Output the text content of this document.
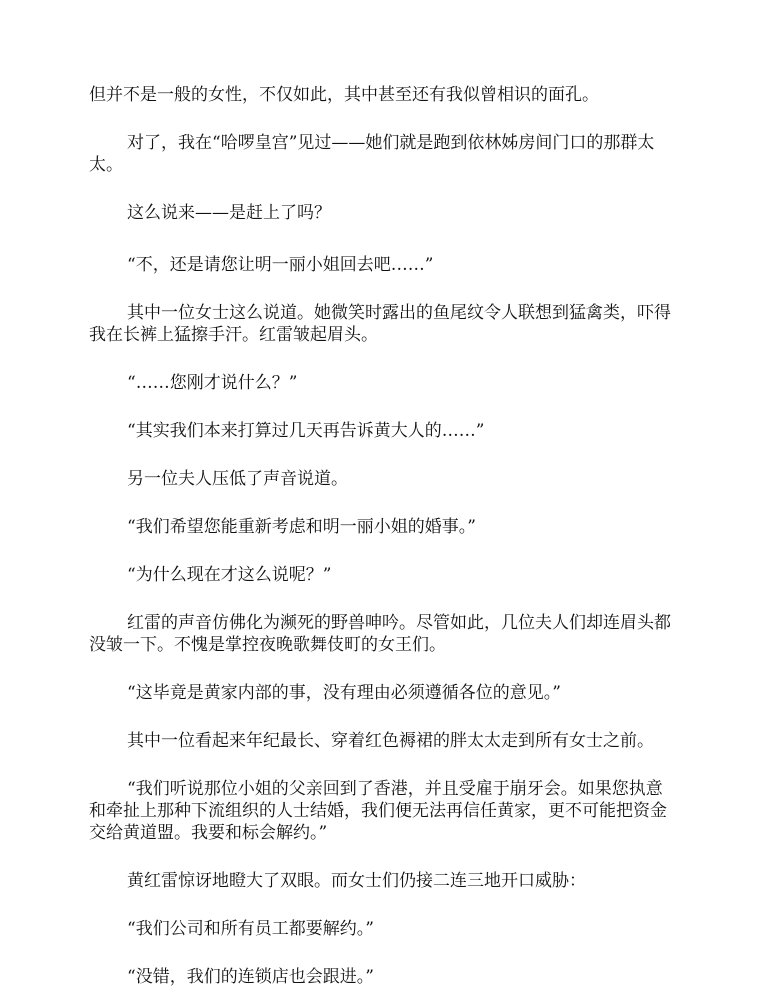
但并不是一般的女性，不仅如此，其中甚至还有我似曾相识的面孔。

对了，我在“哈啰皇宫”见过——她们就是跑到依林姊房间门口的那群太太。

这么说来——是赶上了吗？

“不，还是请您让明一丽小姐回去吧……”

其中一位女士这么说道。她微笑时露出的鱼尾纹令人联想到猛禽类，吓得我在长裤上猛擦手汗。红雷皱起眉头。

“……您刚才说什么？”

“其实我们本来打算过几天再告诉黄大人的……”

另一位夫人压低了声音说道。

“我们希望您能重新考虑和明一丽小姐的婚事。”

“为什么现在才这么说呢？”

红雷的声音仿佛化为濒死的野兽呻吟。尽管如此，几位夫人们却连眉头都没皱一下。不愧是掌控夜晚歌舞伎町的女王们。

“这毕竟是黄家内部的事，没有理由必须遵循各位的意见。”

其中一位看起来年纪最长、穿着红色褥裙的胖太太走到所有女士之前。

“我们听说那位小姐的父亲回到了香港，并且受雇于崩牙会。如果您执意和牵扯上那种下流组织的人士结婚，我们便无法再信任黄家，更不可能把资金交给黄道盟。我要和标会解约。”

黄红雷惊讶地瞪大了双眼。而女士们仍接二连三地开口威胁：

“我们公司和所有员工都要解约。”

“没错，我们的连锁店也会跟进。”
